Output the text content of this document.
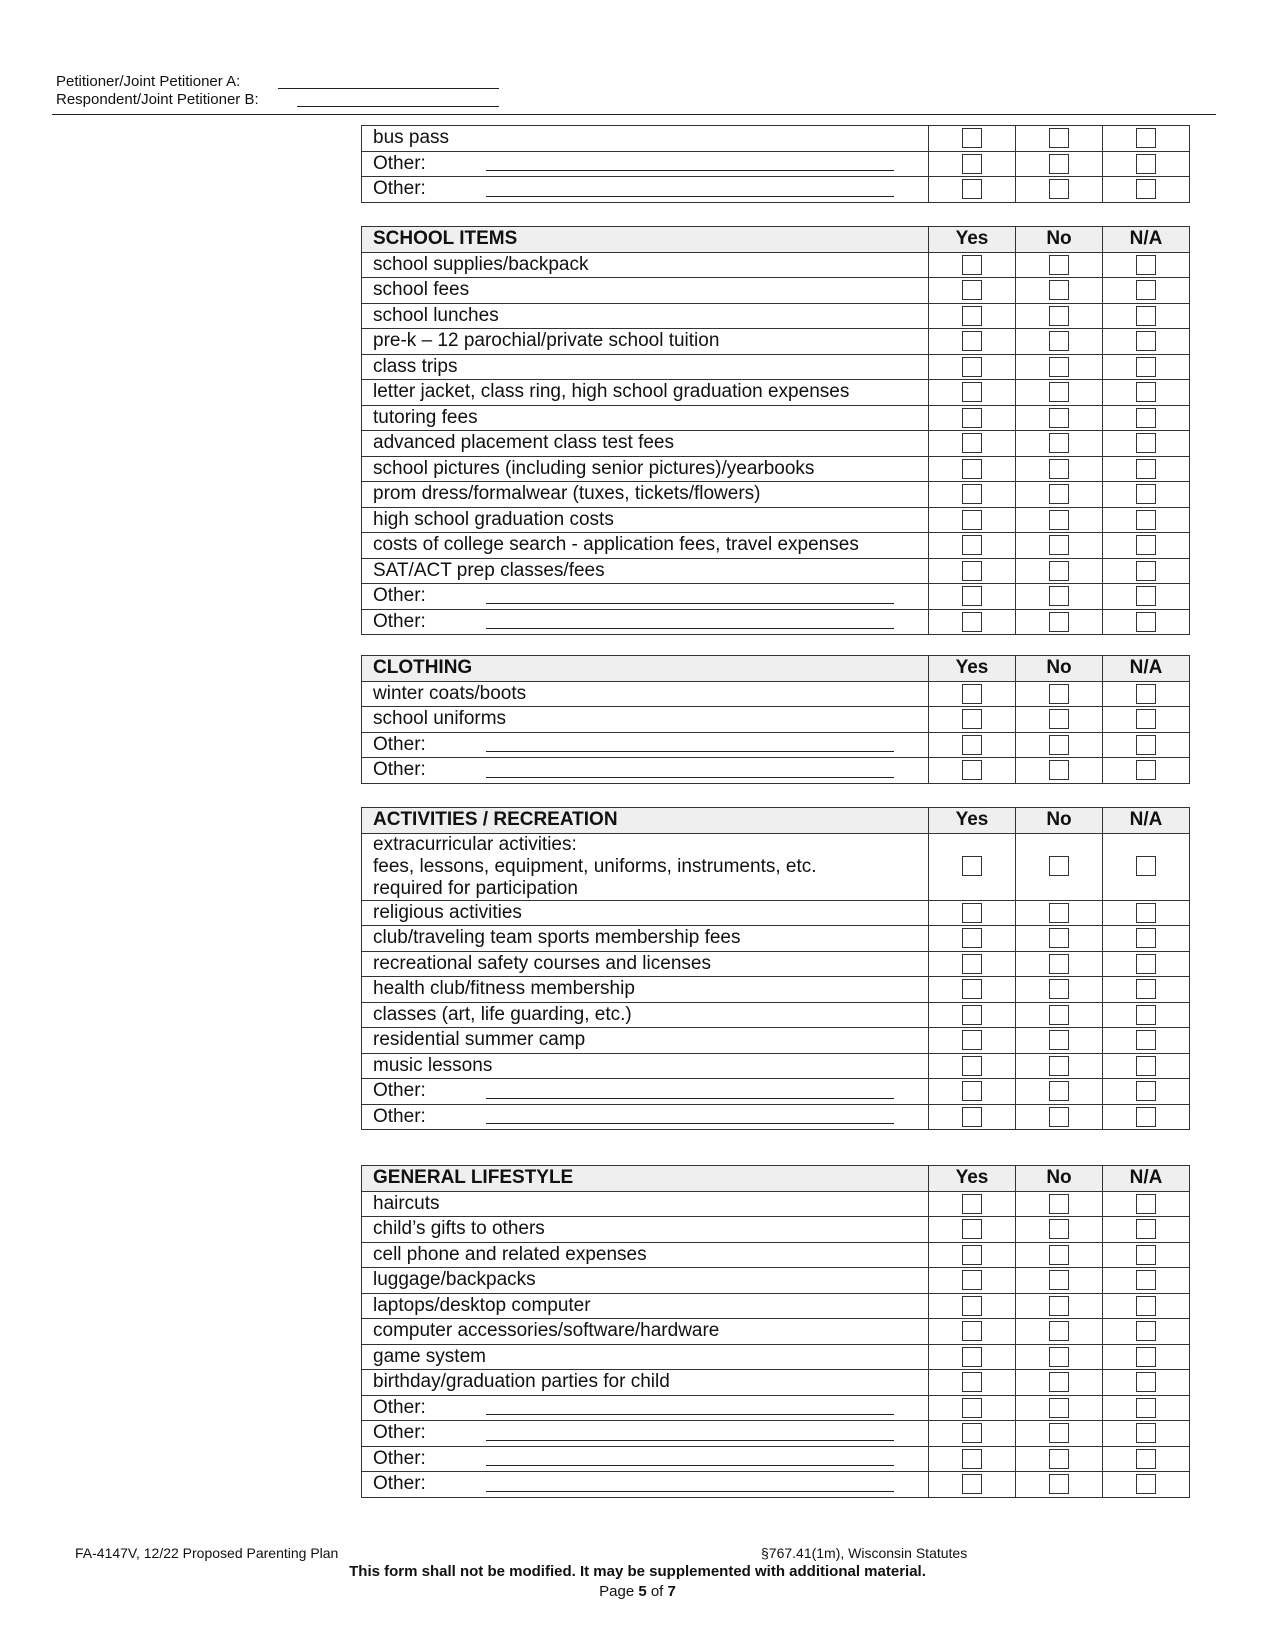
Petitioner/Joint Petitioner A:
Respondent/Joint Petitioner B:
bus pass			

Other:			

Other:			

SCHOOL ITEMS	Yes	No	N/A
school supplies/backpack			
school fees			
school lunches			
pre-k – 12 parochial/private school tuition			
class trips			
letter jacket, class ring, high school graduation expenses			
tutoring fees			
advanced placement class test fees			
school pictures (including senior pictures)/yearbooks			
prom dress/formalwear (tuxes, tickets/flowers)			
high school graduation costs			
costs of college search - application fees, travel expenses			
SAT/ACT prep classes/fees			

Other:			

Other:			

CLOTHING	Yes	No	N/A
winter coats/boots			
school uniforms			

Other:			

Other:			

ACTIVITIES / RECREATION	Yes	No	N/A

extracurricular activities:
fees, lessons, equipment, uniforms, instruments, etc.
required for participation			

religious activities			
club/traveling team sports membership fees			
recreational safety courses and licenses			
health club/fitness membership			
classes (art, life guarding, etc.)			
residential summer camp			
music lessons			

Other:			

Other:			

GENERAL LIFESTYLE	Yes	No	N/A
haircuts			
child’s gifts to others			
cell phone and related expenses			
luggage/backpacks			
laptops/desktop computer			
computer accessories/software/hardware			
game system			
birthday/graduation parties for child			

Other:			

Other:			

Other:			

Other:			

FA-4147V, 12/22 Proposed Parenting Plan	§767.41(1m), Wisconsin Statutes
This form shall not be modified. It may be supplemented with additional material.
Page 5 of 7
